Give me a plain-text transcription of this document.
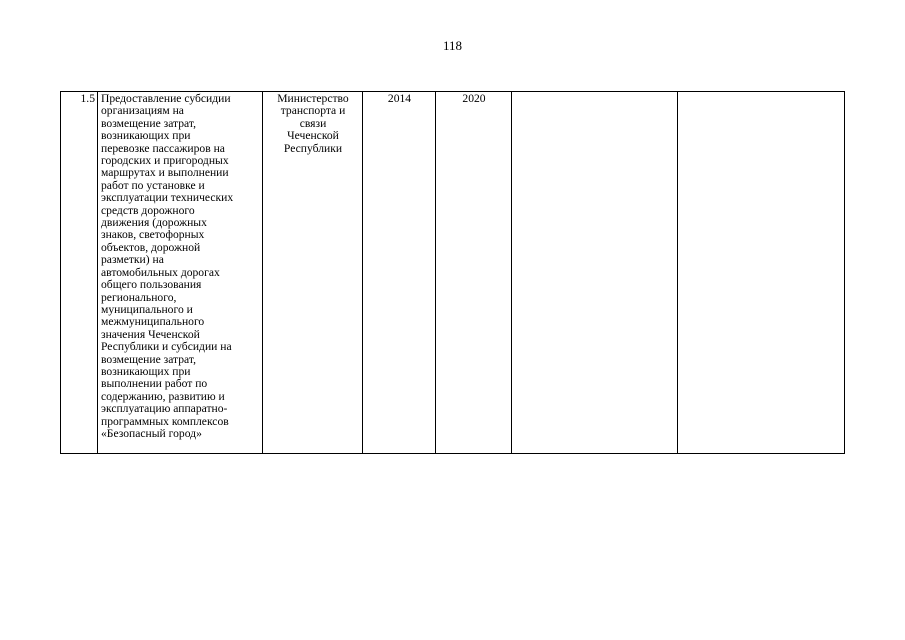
118
1.5	Предоставление субсидии
организациям на
возмещение затрат,
возникающих при
перевозке пассажиров на
городских и пригородных
маршрутах и выполнении
работ по установке и
эксплуатации технических
средств дорожного
движения (дорожных
знаков, светофорных
объектов, дорожной
разметки) на
автомобильных дорогах
общего пользования
регионального,
муниципального и
межмуниципального
значения Чеченской
Республики и субсидии на
возмещение затрат,
возникающих при
выполнении работ по
содержанию, развитию и
эксплуатацию аппаратно-
программных комплексов
«Безопасный город»	Министерство
транспорта и
связи
Чеченской
Республики	2014	2020		
